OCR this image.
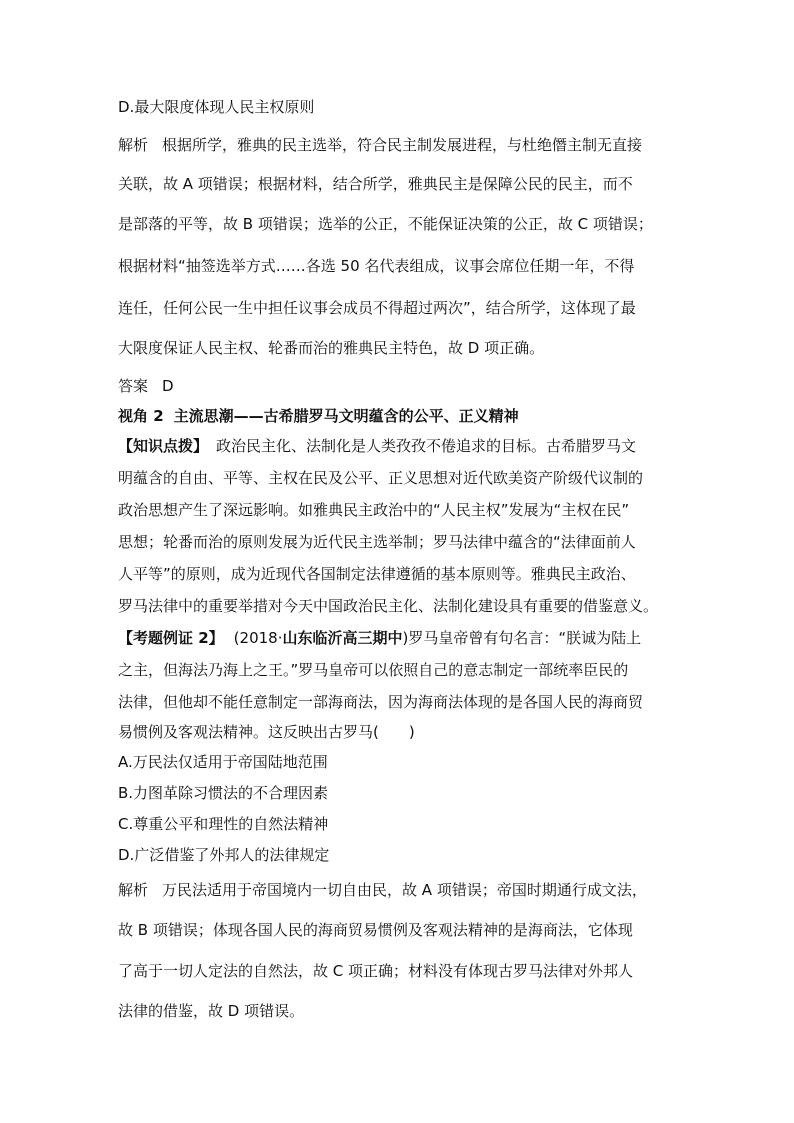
D.最大限度体现人民主权原则
解析 根据所学，雅典的民主选举，符合民主制发展进程，与杜绝僭主制无直接
关联，故 A 项错误；根据材料，结合所学，雅典民主是保障公民的民主，而不
是部落的平等，故 B 项错误；选举的公正，不能保证决策的公正，故 C 项错误；
根据材料“抽签选举方式……各选 50 名代表组成，议事会席位任期一年，不得
连任，任何公民一生中担任议事会成员不得超过两次”，结合所学，这体现了最
大限度保证人民主权、轮番而治的雅典民主特色，故 D 项正确。
答案 D
视角 2 主流思潮——古希腊罗马文明蕴含的公平、正义精神
【知识点拨】 政治民主化、法制化是人类孜孜不倦追求的目标。古希腊罗马文
明蕴含的自由、平等、主权在民及公平、正义思想对近代欧美资产阶级代议制的
政治思想产生了深远影响。如雅典民主政治中的“人民主权”发展为“主权在民”
思想；轮番而治的原则发展为近代民主选举制；罗马法律中蕴含的“法律面前人
人平等”的原则，成为近现代各国制定法律遵循的基本原则等。雅典民主政治、
罗马法律中的重要举措对今天中国政治民主化、法制化建设具有重要的借鉴意义。
【考题例证 2】 (2018·山东临沂高三期中)罗马皇帝曾有句名言：“朕诚为陆上
之主，但海法乃海上之王。”罗马皇帝可以依照自己的意志制定一部统率臣民的
法律，但他却不能任意制定一部海商法，因为海商法体现的是各国人民的海商贸
易惯例及客观法精神。这反映出古罗马(　　)
A.万民法仅适用于帝国陆地范围
B.力图革除习惯法的不合理因素
C.尊重公平和理性的自然法精神
D.广泛借鉴了外邦人的法律规定
解析 万民法适用于帝国境内一切自由民，故 A 项错误；帝国时期通行成文法，
故 B 项错误；体现各国人民的海商贸易惯例及客观法精神的是海商法，它体现
了高于一切人定法的自然法，故 C 项正确；材料没有体现古罗马法律对外邦人
法律的借鉴，故 D 项错误。
